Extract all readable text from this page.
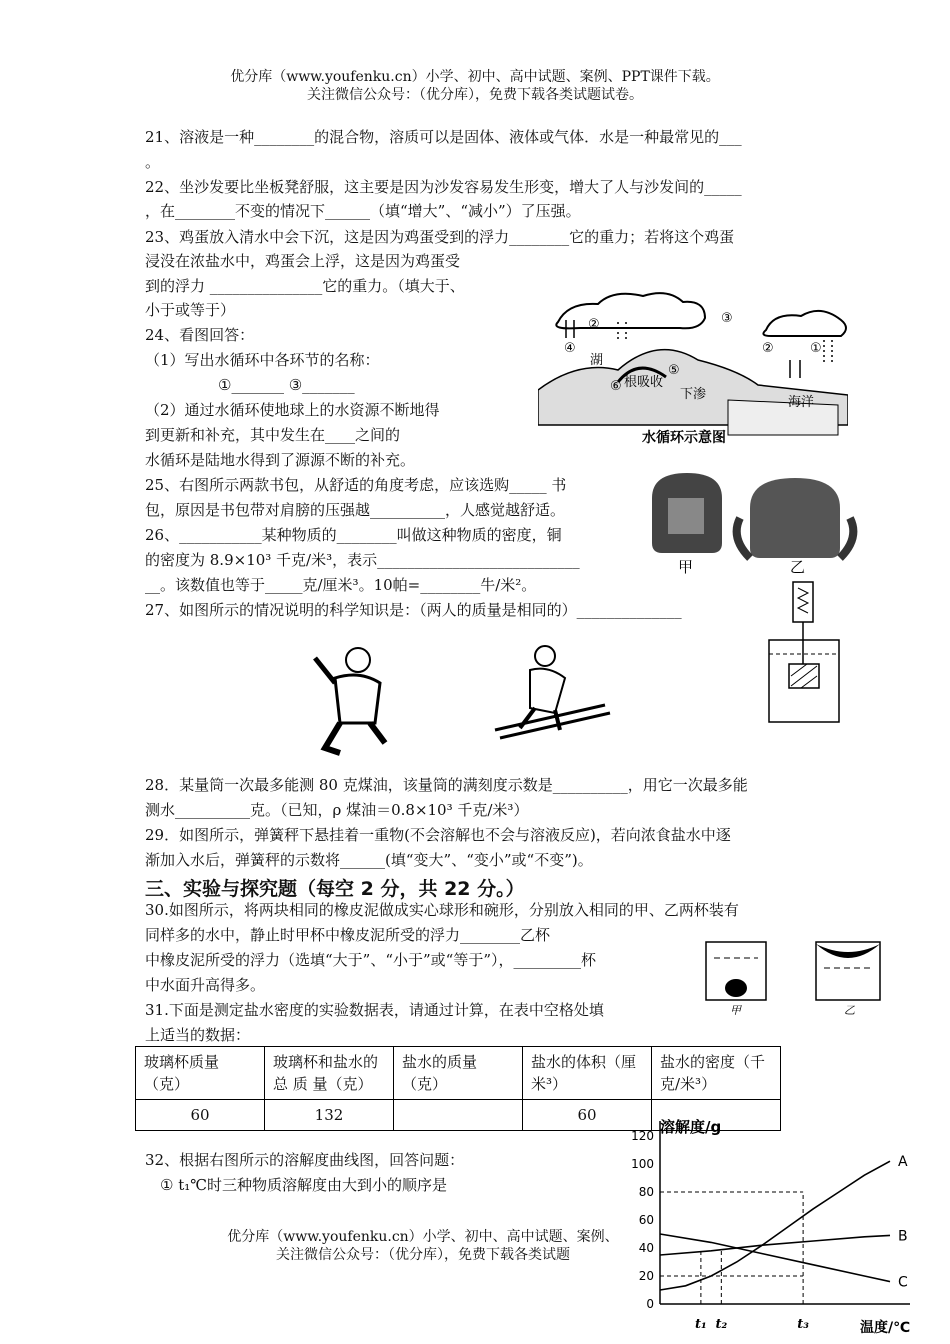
优分库（www.youfenku.cn）小学、初中、高中试题、案例、PPT课件下载。
关注微信公众号：（优分库），免费下载各类试题试卷。
21、溶液是一种________的混合物，溶质可以是固体、液体或气体．水是一种最常见的___
。
22、坐沙发要比坐板凳舒服，这主要是因为沙发容易发生形变，增大了人与沙发间的_____
，在________不变的情况下______（填“增大”、“减小”）了压强。
23、鸡蛋放入清水中会下沉，这是因为鸡蛋受到的浮力________它的重力；若将这个鸡蛋
浸没在浓盐水中，鸡蛋会上浮，这是因为鸡蛋受
到的浮力 _______________它的重力。（填大于、
小于或等于）
24、看图回答：
（1）写出水循环中各环节的名称：
①_______ ③_______
（2）通过水循环使地球上的水资源不断地得
到更新和补充，其中发生在____之间的
水循环是陆地水得到了源源不断的补充。
25、右图所示两款书包，从舒适的角度考虑，应该选购_____ 书
包，原因是书包带对肩膀的压强越__________，人感觉越舒适。
26、___________某种物质的________叫做这种物质的密度，铜
的密度为 8.9×10³ 千克/米³，表示___________________________
__。该数值也等于_____克/厘米³。10帕=________牛/米²。
27、如图所示的情况说明的科学知识是：（两人的质量是相同的）______________
28．某量筒一次最多能测 80 克煤油，该量筒的满刻度示数是__________，用它一次最多能
测水__________克。（已知，ρ 煤油＝0.8×10³ 千克/米³）
29．如图所示，弹簧秤下悬挂着一重物(不会溶解也不会与溶液反应)，若向浓食盐水中逐
渐加入水后，弹簧秤的示数将______(填“变大”、“变小”或“不变”)。
三、实验与探究题（每空 2 分，共 22 分。）
30.如图所示，将两块相同的橡皮泥做成实心球形和碗形，分别放入相同的甲、乙两杯装有
同样多的水中，静止时甲杯中橡皮泥所受的浮力________乙杯
中橡皮泥所受的浮力（选填“大于”、“小于”或“等于”），_________杯
中水面升高得多。
31.下面是测定盐水密度的实验数据表，请通过计算，在表中空格处填
上适当的数据：
玻璃杯质量（克）	玻璃杯和盐水的 总 质 量（克）	盐水的质量（克）	盐水的体积（厘米³）	盐水的密度（千克/米³）
60	132		60	
32、根据右图所示的溶解度曲线图，回答问题：
① t₁℃时三种物质溶解度由大到小的顺序是
优分库（www.youfenku.cn）小学、初中、高中试题、案例、
关注微信公众号：（优分库），免费下载各类试题
②	③
④
⑤
⑥
②	①
湖
根吸收
下渗
海洋
水循环示意图
甲	乙
甲	乙
溶解度/g
温度/℃
0
20
40
60
80
100
120
t₁ t₂	t₃
A
B
C
